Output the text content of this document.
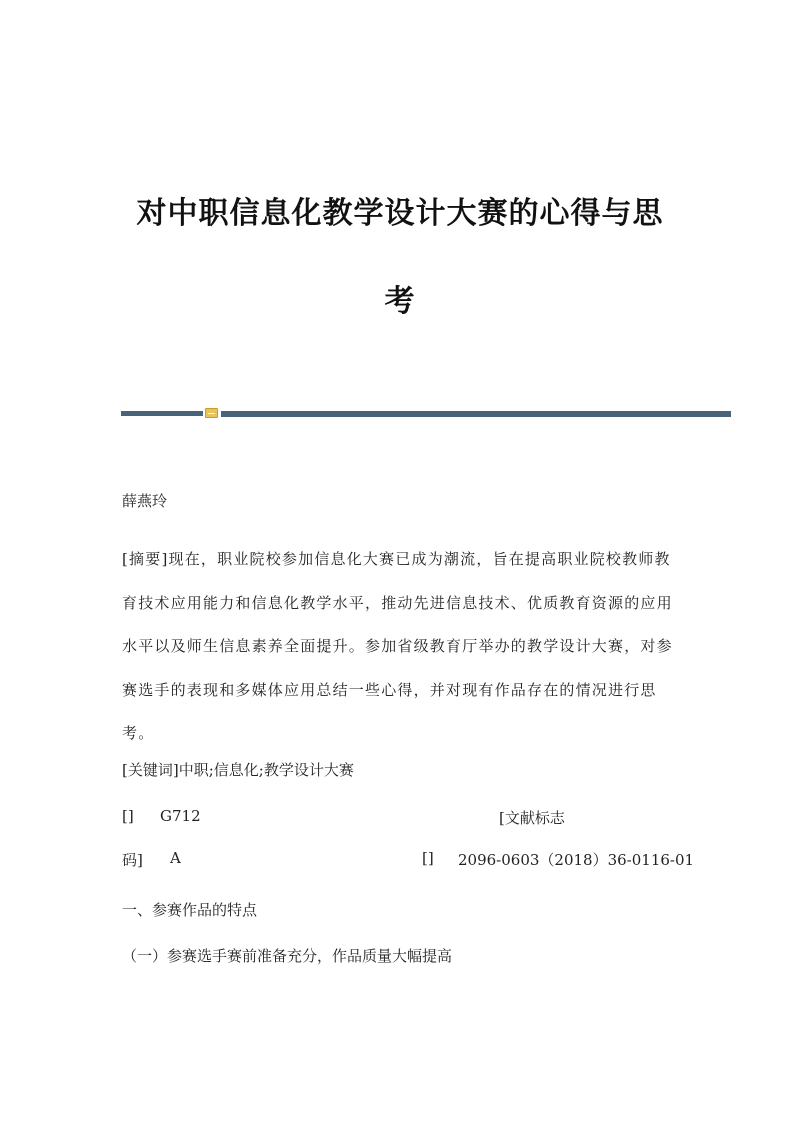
对中职信息化教学设计大赛的心得与思
考
薛燕玲
[摘要]现在，职业院校参加信息化大赛已成为潮流，旨在提高职业院校教师教育技术应用能力和信息化教学水平，推动先进信息技术、优质教育资源的应用水平以及师生信息素养全面提升。参加省级教育厅举办的教学设计大赛，对参赛选手的表现和多媒体应用总结一些心得，并对现有作品存在的情况进行思考。
[关键词]中职;信息化;教学设计大赛
[] G712	[文献标志
码] A	[] 2096-0603（2018）36-0116-01
一、参赛作品的特点
（一）参赛选手赛前准备充分，作品质量大幅提高
